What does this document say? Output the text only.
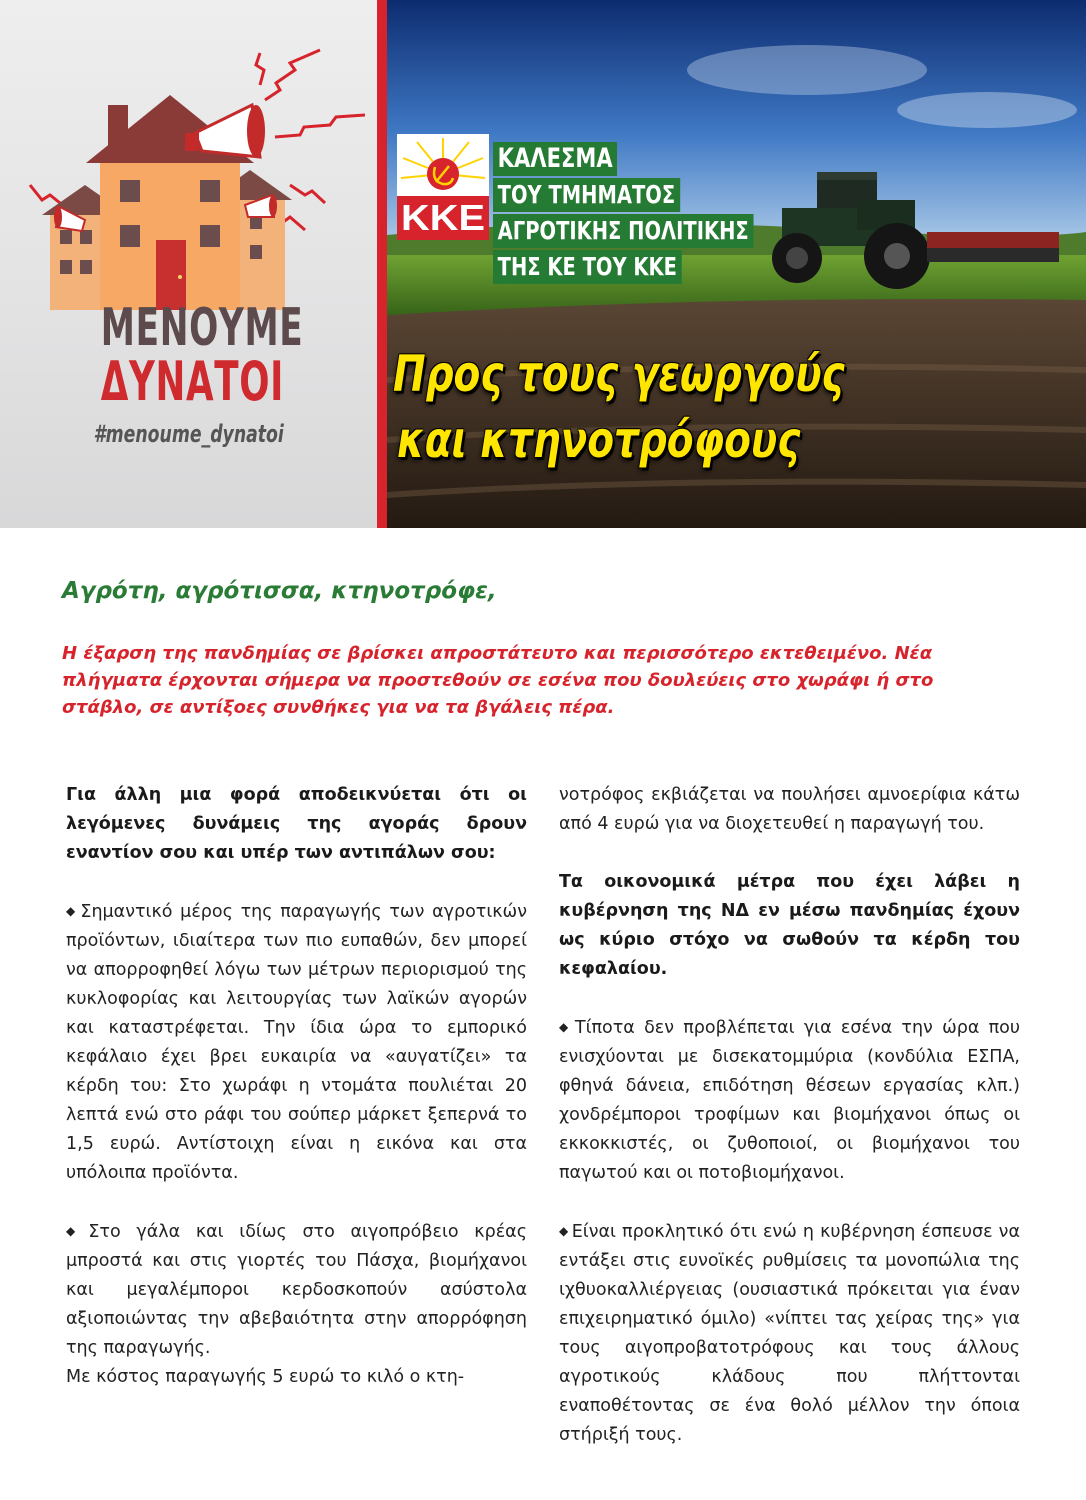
ΜΕΝΟΥΜΕ
ΔΥΝΑΤΟΙ
#menoume_dynatoi
ΚΚΕ
ΚΑΛΕΣΜΑ
ΤΟΥ ΤΜΗΜΑΤΟΣ
ΑΓΡΟΤΙΚΗΣ ΠΟΛΙΤΙΚΗΣ
ΤΗΣ ΚΕ ΤΟΥ ΚΚΕ
Προς τους γεωργούς
και κτηνοτρόφους
Αγρότη, αγρότισσα, κτηνοτρόφε,
Η έξαρση της πανδημίας σε βρίσκει απροστάτευτο και περισσότερο εκτεθειμένο. Νέα πλήγματα έρχονται σήμερα να προστεθούν σε εσένα που δουλεύεις στο χωράφι ή στο στάβλο, σε αντίξοες συνθήκες για να τα βγάλεις πέρα.

Για άλλη μια φορά αποδεικνύεται ότι οι λεγόμενες δυνάμεις της αγοράς δρουν εναντίον σου και υπέρ των αντιπάλων σου:

◆ Σημαντικό μέρος της παραγωγής των αγροτικών προϊόντων, ιδιαίτερα των πιο ευπαθών, δεν μπορεί να απορροφηθεί λόγω των μέτρων περιορισμού της κυκλοφορίας και λειτουργίας των λαϊκών αγορών και καταστρέφεται. Την ίδια ώρα το εμπορικό κεφάλαιο έχει βρει ευκαιρία να «αυγατίζει» τα κέρδη του: Στο χωράφι η ντομάτα πουλιέται 20 λεπτά ενώ στο ράφι του σούπερ μάρκετ ξεπερνά το 1,5 ευρώ. Αντίστοιχη είναι η εικόνα και στα υπόλοιπα προϊόντα.

◆ Στο γάλα και ιδίως στο αιγοπρόβειο κρέας μπροστά και στις γιορτές του Πάσχα, βιομήχανοι και μεγαλέμποροι κερδοσκοπούν ασύστολα αξιοποιώντας την αβεβαιότητα στην απορρόφηση της παραγωγής.

Με κόστος παραγωγής 5 ευρώ το κιλό ο κτη-

νοτρόφος εκβιάζεται να πουλήσει αμνοερίφια κάτω από 4 ευρώ για να διοχετευθεί η παραγωγή του.

Τα οικονομικά μέτρα που έχει λάβει η κυβέρνηση της ΝΔ εν μέσω πανδημίας έχουν ως κύριο στόχο να σωθούν τα κέρδη του κεφαλαίου.

◆ Τίποτα δεν προβλέπεται για εσένα την ώρα που ενισχύονται με δισεκατομμύρια (κονδύλια ΕΣΠΑ, φθηνά δάνεια, επιδότηση θέσεων εργασίας κλπ.) χονδρέμποροι τροφίμων και βιομήχανοι όπως οι εκκοκκιστές, οι ζυθοποιοί, οι βιομήχανοι του παγωτού και οι ποτοβιομήχανοι.

◆ Είναι προκλητικό ότι ενώ η κυβέρνηση έσπευσε να εντάξει στις ευνοϊκές ρυθμίσεις τα μονοπώλια της ιχθυοκαλλιέργειας (ουσιαστικά πρόκειται για έναν επιχειρηματικό όμιλο) «νίπτει τας χείρας της» για τους αιγοπροβατοτρόφους και τους άλλους αγροτικούς κλάδους που πλήττονται εναποθέτοντας σε ένα θολό μέλλον την όποια στήριξή τους.
